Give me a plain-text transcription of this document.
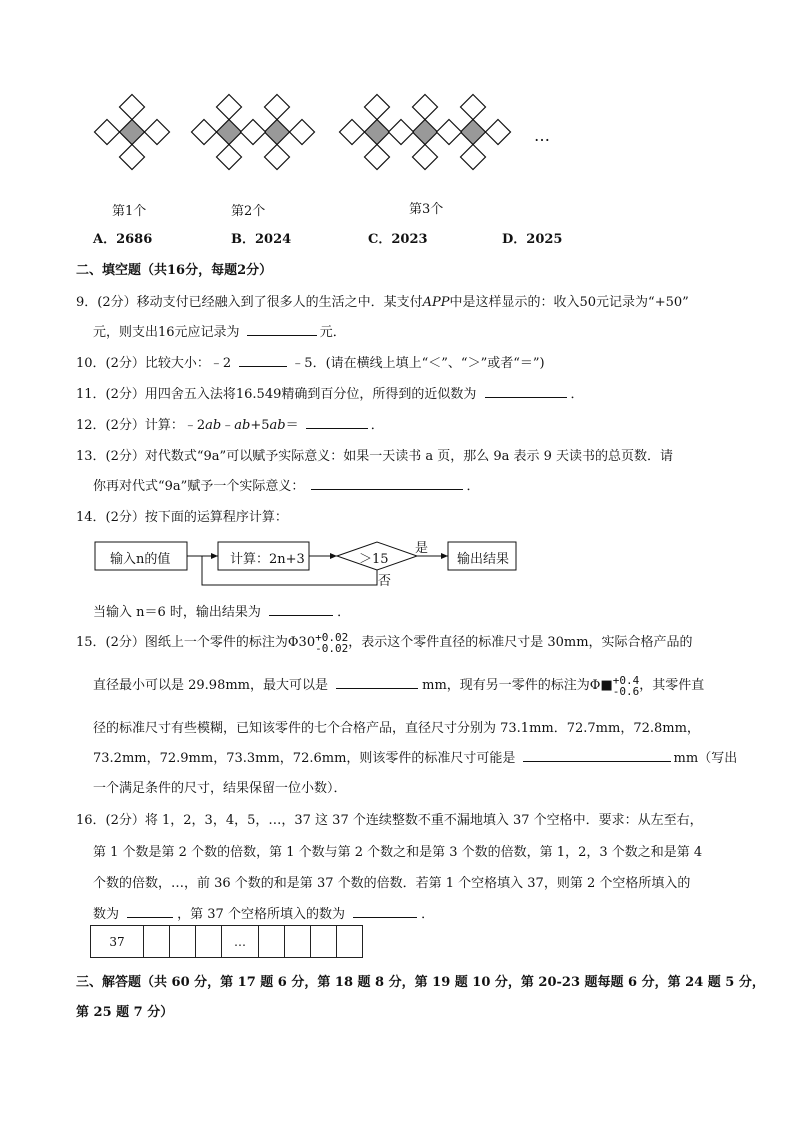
…
第1个	第2个	第3个
A．2686	B．2024	C．2023	D．2025
二、填空题（共16分，每题2分）
9．(2分）移动支付已经融入到了很多人的生活之中．某支付APP中是这样显示的：收入50元记录为“+50”
元，则支出16元应记录为	元．
10．(2分）比较大小：﹣2	﹣5．(请在横线上填上“＜”、“＞”或者“＝”)
11．(2分）用四舍五入法将16.549精确到百分位，所得到的近似数为	．
12．(2分）计算：﹣2ab﹣ab+5ab＝	．
13．(2分）对代数式“9a”可以赋予实际意义：如果一天读书 a 页，那么 9a 表示 9 天读书的总页数．请
你再对代式“9a”赋予一个实际意义：	．
14．(2分）按下面的运算程序计算：
输入n的值	计算：2n+3	＞15	输出结果
是
否
当输入 n＝6 时，输出结果为	．
15．(2分）图纸上一个零件的标注为Φ30 +0.02
-0.02 ，表示这个零件直径的标准尺寸是 30mm，实际合格产品的
直径最小可以是 29.98mm，最大可以是	mm，现有另一零件的标注为Φ■ +0.4
-0.6 ，其零件直
径的标准尺寸有些模糊，已知该零件的七个合格产品，直径尺寸分别为 73.1mm．72.7mm，72.8mm，
73.2mm，72.9mm，73.3mm，72.6mm，则该零件的标准尺寸可能是	mm（写出
一个满足条件的尺寸，结果保留一位小数）．
16．(2分）将 1，2，3，4，5，…，37 这 37 个连续整数不重不漏地填入 37 个空格中．要求：从左至右，
第 1 个数是第 2 个数的倍数，第 1 个数与第 2 个数之和是第 3 个数的倍数，第 1，2，3 个数之和是第 4
个数的倍数，…，前 36 个数的和是第 37 个数的倍数．若第 1 个空格填入 37，则第 2 个空格所填入的
数为	，第 37 个空格所填入的数为	．
37				…				
三、解答题（共 60 分，第 17 题 6 分，第 18 题 8 分，第 19 题 10 分，第 20-23 题每题 6 分，第 24 题 5 分，
第 25 题 7 分）
